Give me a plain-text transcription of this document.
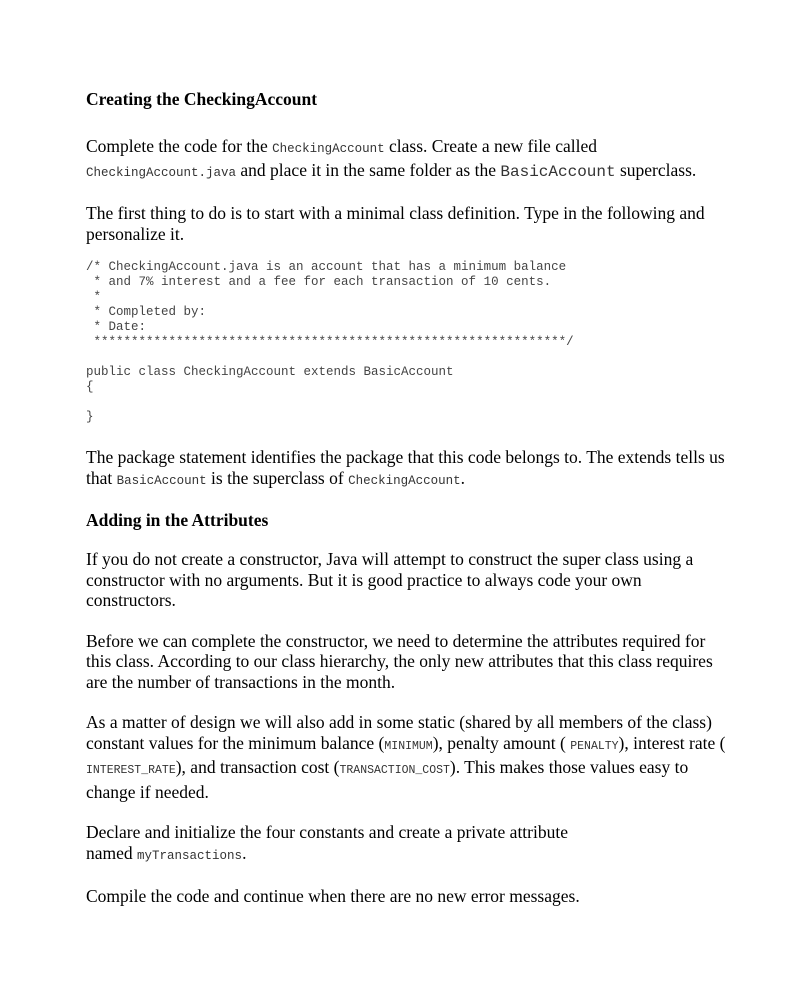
Creating the CheckingAccount

Complete the code for the CheckingAccount class. Create a new file called CheckingAccount.java and place it in the same folder as the BasicAccount superclass.

The first thing to do is to start with a minimal class definition. Type in the following and personalize it.

/* CheckingAccount.java is an account that has a minimum balance
* and 7% interest and a fee for each transaction of 10 cents.
*
* Completed by:
* Date:
***************************************************************/

public class CheckingAccount extends BasicAccount
{

}

The package statement identifies the package that this code belongs to. The extends tells us that BasicAccount is the superclass of CheckingAccount.

Adding in the Attributes

If you do not create a constructor, Java will attempt to construct the super class using a constructor with no arguments. But it is good practice to always code your own constructors.

Before we can complete the constructor, we need to determine the attributes required for this class. According to our class hierarchy, the only new attributes that this class requires are the number of transactions in the month.

As a matter of design we will also add in some static (shared by all members of the class) constant values for the minimum balance (MINIMUM), penalty amount ( PENALTY), interest rate ( INTEREST_RATE), and transaction cost (TRANSACTION_COST). This makes those values easy to change if needed.

Declare and initialize the four constants and create a private attribute named myTransactions.

Compile the code and continue when there are no new error messages.
